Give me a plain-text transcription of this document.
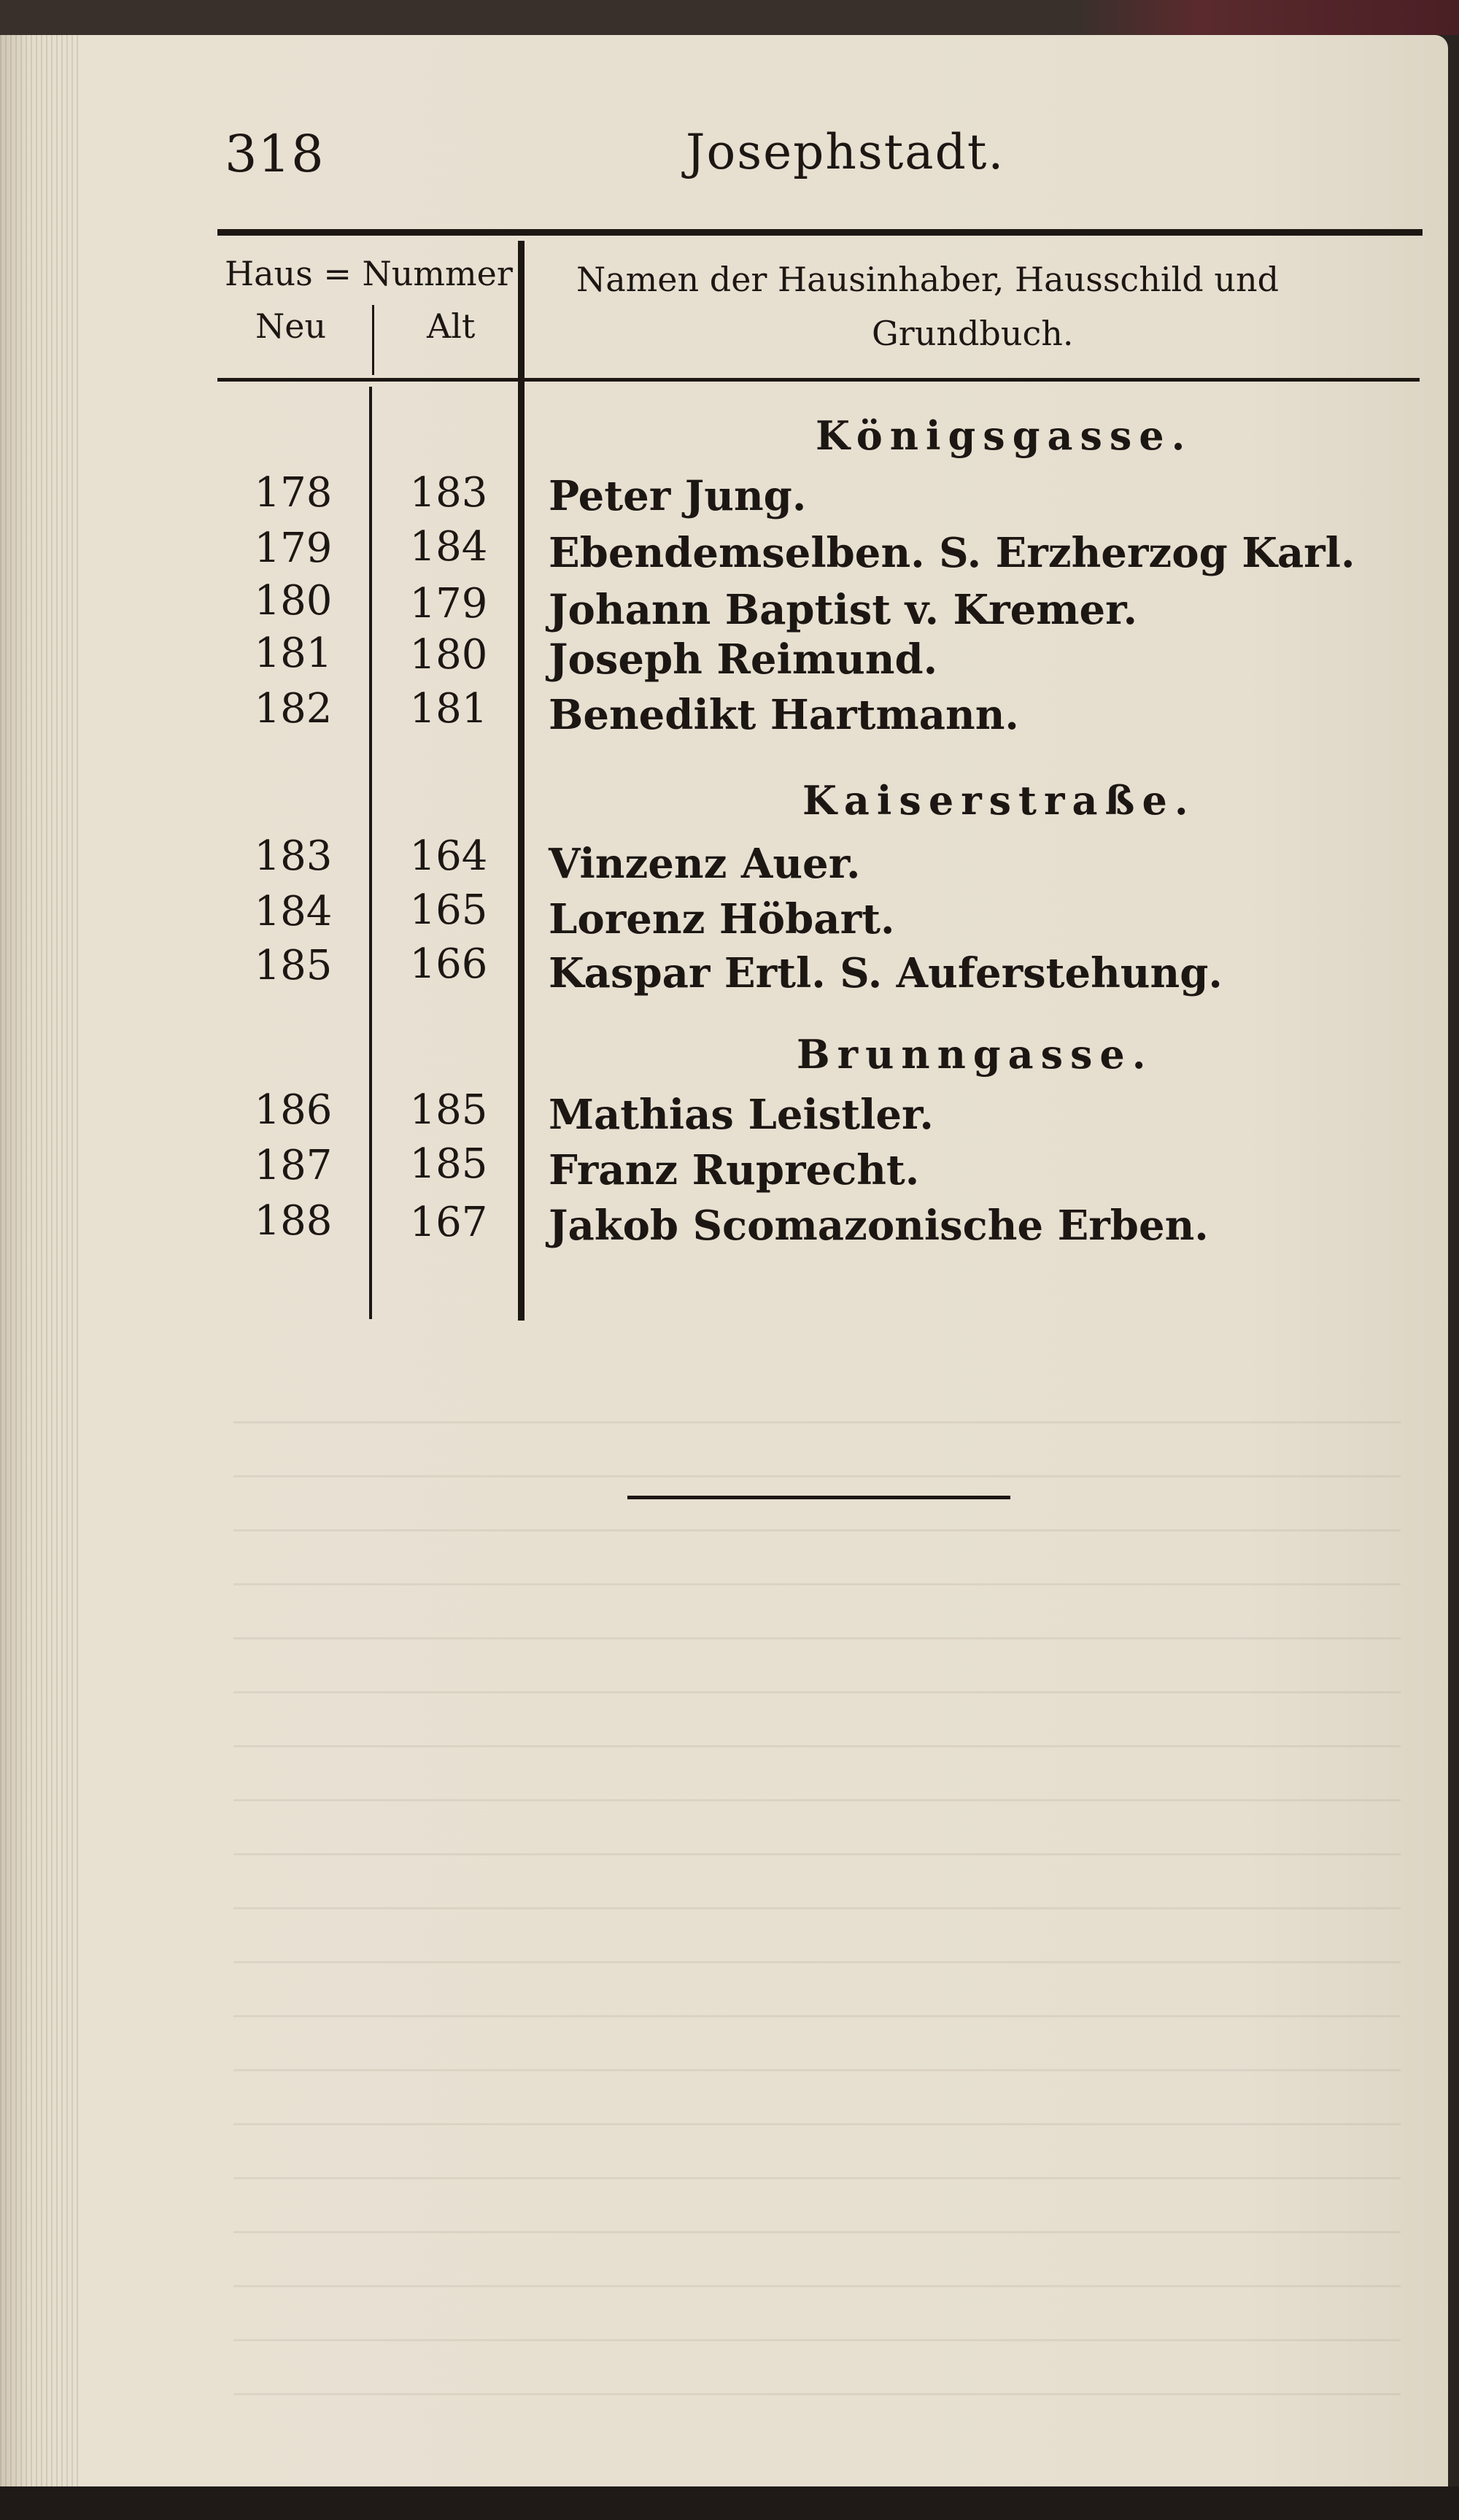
318	Josephstadt.
Haus = Nummer
Neu	Alt
Namen der Hausinhaber, Hausschild und
Grundbuch.
Königsgasse.
178	183	Peter Jung.
179	184	Ebendemselben. S. Erzherzog Karl.
180	179	Johann Baptist v. Kremer.
181	180	Joseph Reimund.
182	181	Benedikt Hartmann.
Kaiserstraße.
183	164	Vinzenz Auer.
184	165	Lorenz Höbart.
185	166	Kaspar Ertl. S. Auferstehung.
Brunngasse.
186	185	Mathias Leistler.
187	185	Franz Ruprecht.
188	167	Jakob Scomazonische Erben.
